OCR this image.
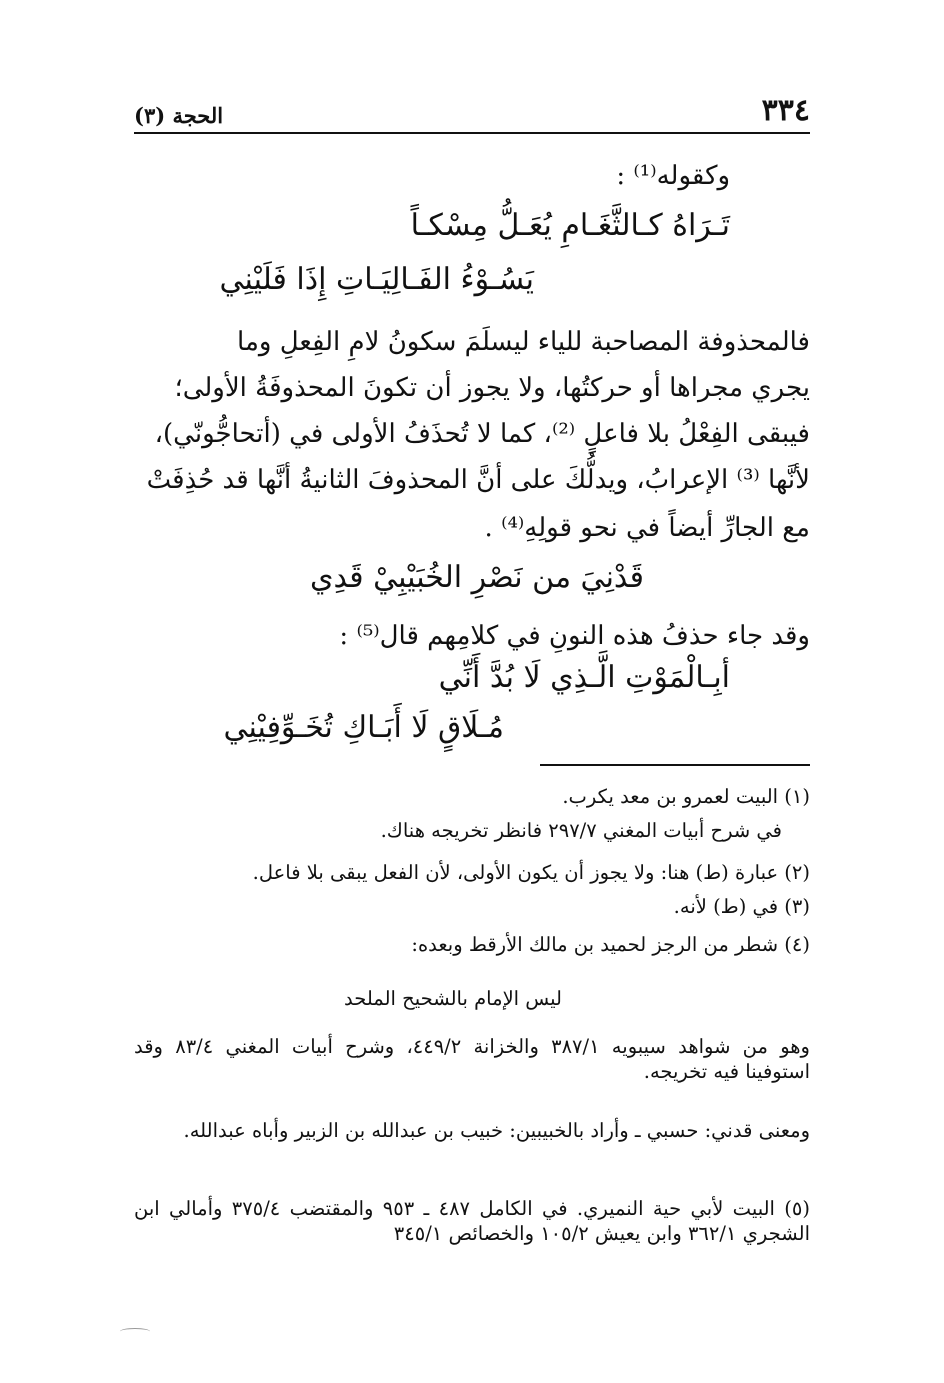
٣٣٤
الحجة (٣)
وكقوله⁽¹⁾ :
تَـرَاهُ كـالثَّغَـامِ يُعَـلُّ مِسْكـاً
يَسُـوْءُ الفَـالِيَـاتِ إِذَا فَلَيْنِي
فالمحذوفة المصاحبة للياء ليسلَمَ سكونُ لامِ الفِعلِ وما
يجري مجراها أو حركتُها، ولا يجوز أن تكونَ المحذوفَةُ الأولى؛
فيبقى الفِعْلُ بلا فاعلٍ ⁽²⁾، كما لا تُحذَفُ الأولى في (أتحاجُّونّي)،
لأنَّها ⁽³⁾ الإعرابُ، ويدلُّكَ على أنَّ المحذوفَ الثانيةُ أنَّها قد حُذِفَتْ
مع الجارِّ أيضاً في نحو قولِهِ⁽⁴⁾ .
قَدْنِيَ من نَصْرِ الخُبَيْبِيْ قَدِي
وقد جاء حذفُ هذه النونِ في كلامِهم قال⁽⁵⁾ :
أبِـالْمَوْتِ الَّـذِي لَا بُدَّ أَنِّي
مُـلَاقٍ لَا أَبَـاكِ تُخَـوِّفِيْنِي
(١) البيت لعمرو بن معد يكرب.
في شرح أبيات المغني ٢٩٧/٧ فانظر تخريجه هناك.
(٢) عبارة (ط) هنا: ولا يجوز أن يكون الأولى، لأن الفعل يبقى بلا فاعل.
(٣) في (ط) لأنه.
(٤) شطر من الرجز لحميد بن مالك الأرقط وبعده:
ليس الإمام بالشحيح الملحد
وهو من شواهد سيبويه ٣٨٧/١ والخزانة ٤٤٩/٢، وشرح أبيات المغني ٨٣/٤ وقد استوفينا فيه تخريجه.
ومعنى قدني: حسبي ـ وأراد بالخبيبين: خبيب بن عبدالله بن الزبير وأباه عبدالله.
(٥) البيت لأبي حية النميري. في الكامل ٤٨٧ ـ ٩٥٣ والمقتضب ٣٧٥/٤ وأمالي ابن الشجري ٣٦٢/١ وابن يعيش ١٠٥/٢ والخصائص ٣٤٥/١
